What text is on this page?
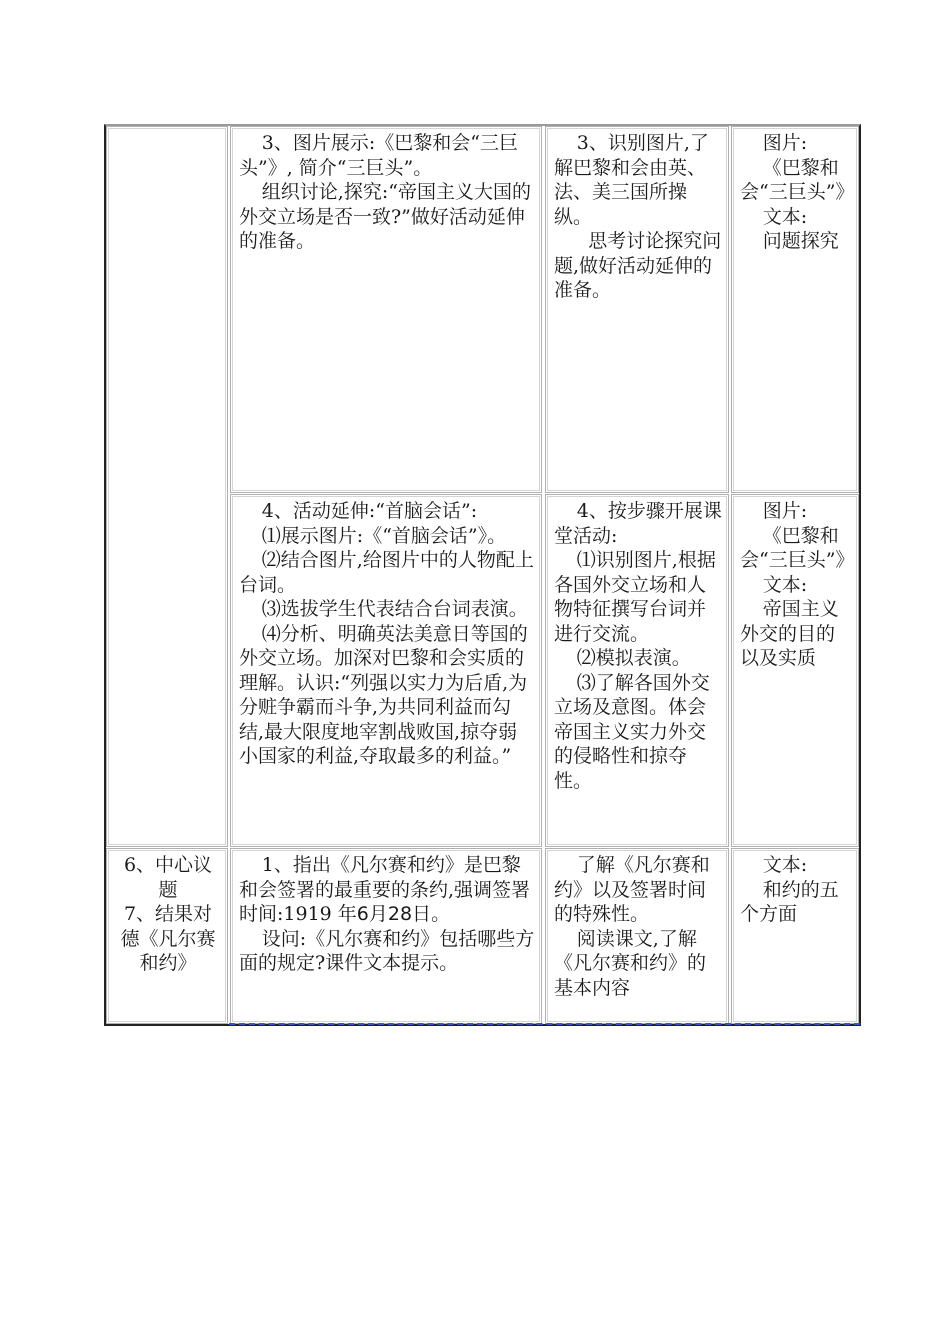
3、图片展示:《巴黎和会“三巨头”》, 简介“三巨头”。

组织讨论,探究:“帝国主义大国的外交立场是否一致?”做好活动延伸的准备。

3、识别图片,了解巴黎和会由英、法、美三国所操纵。

思考讨论探究问题,做好活动延伸的准备。

图片:

《巴黎和会“三巨头”》

文本:

问题探究

4、活动延伸:“首脑会话”:

⑴展示图片:《“首脑会话”》。

⑵结合图片,给图片中的人物配上台词。

⑶选拔学生代表结合台词表演。

⑷分析、明确英法美意日等国的外交立场。加深对巴黎和会实质的理解。认识:“列强以实力为后盾,为分赃争霸而斗争,为共同利益而勾结,最大限度地宰割战败国,掠夺弱小国家的利益,夺取最多的利益。”

4、按步骤开展课堂活动:

⑴识别图片,根据各国外交立场和人物特征撰写台词并进行交流。

⑵模拟表演。

⑶了解各国外交立场及意图。体会帝国主义实力外交的侵略性和掠夺性。

图片:

《巴黎和会“三巨头”》

文本:

帝国主义外交的目的以及实质

6、中心议题

7、结果对德《凡尔赛和约》

1、指出《凡尔赛和约》是巴黎和会签署的最重要的条约,强调签署时间:1919 年6月28日。

设问:《凡尔赛和约》包括哪些方面的规定?课件文本提示。

了解《凡尔赛和约》以及签署时间的特殊性。

阅读课文,了解《凡尔赛和约》的基本内容

文本:

和约的五个方面
